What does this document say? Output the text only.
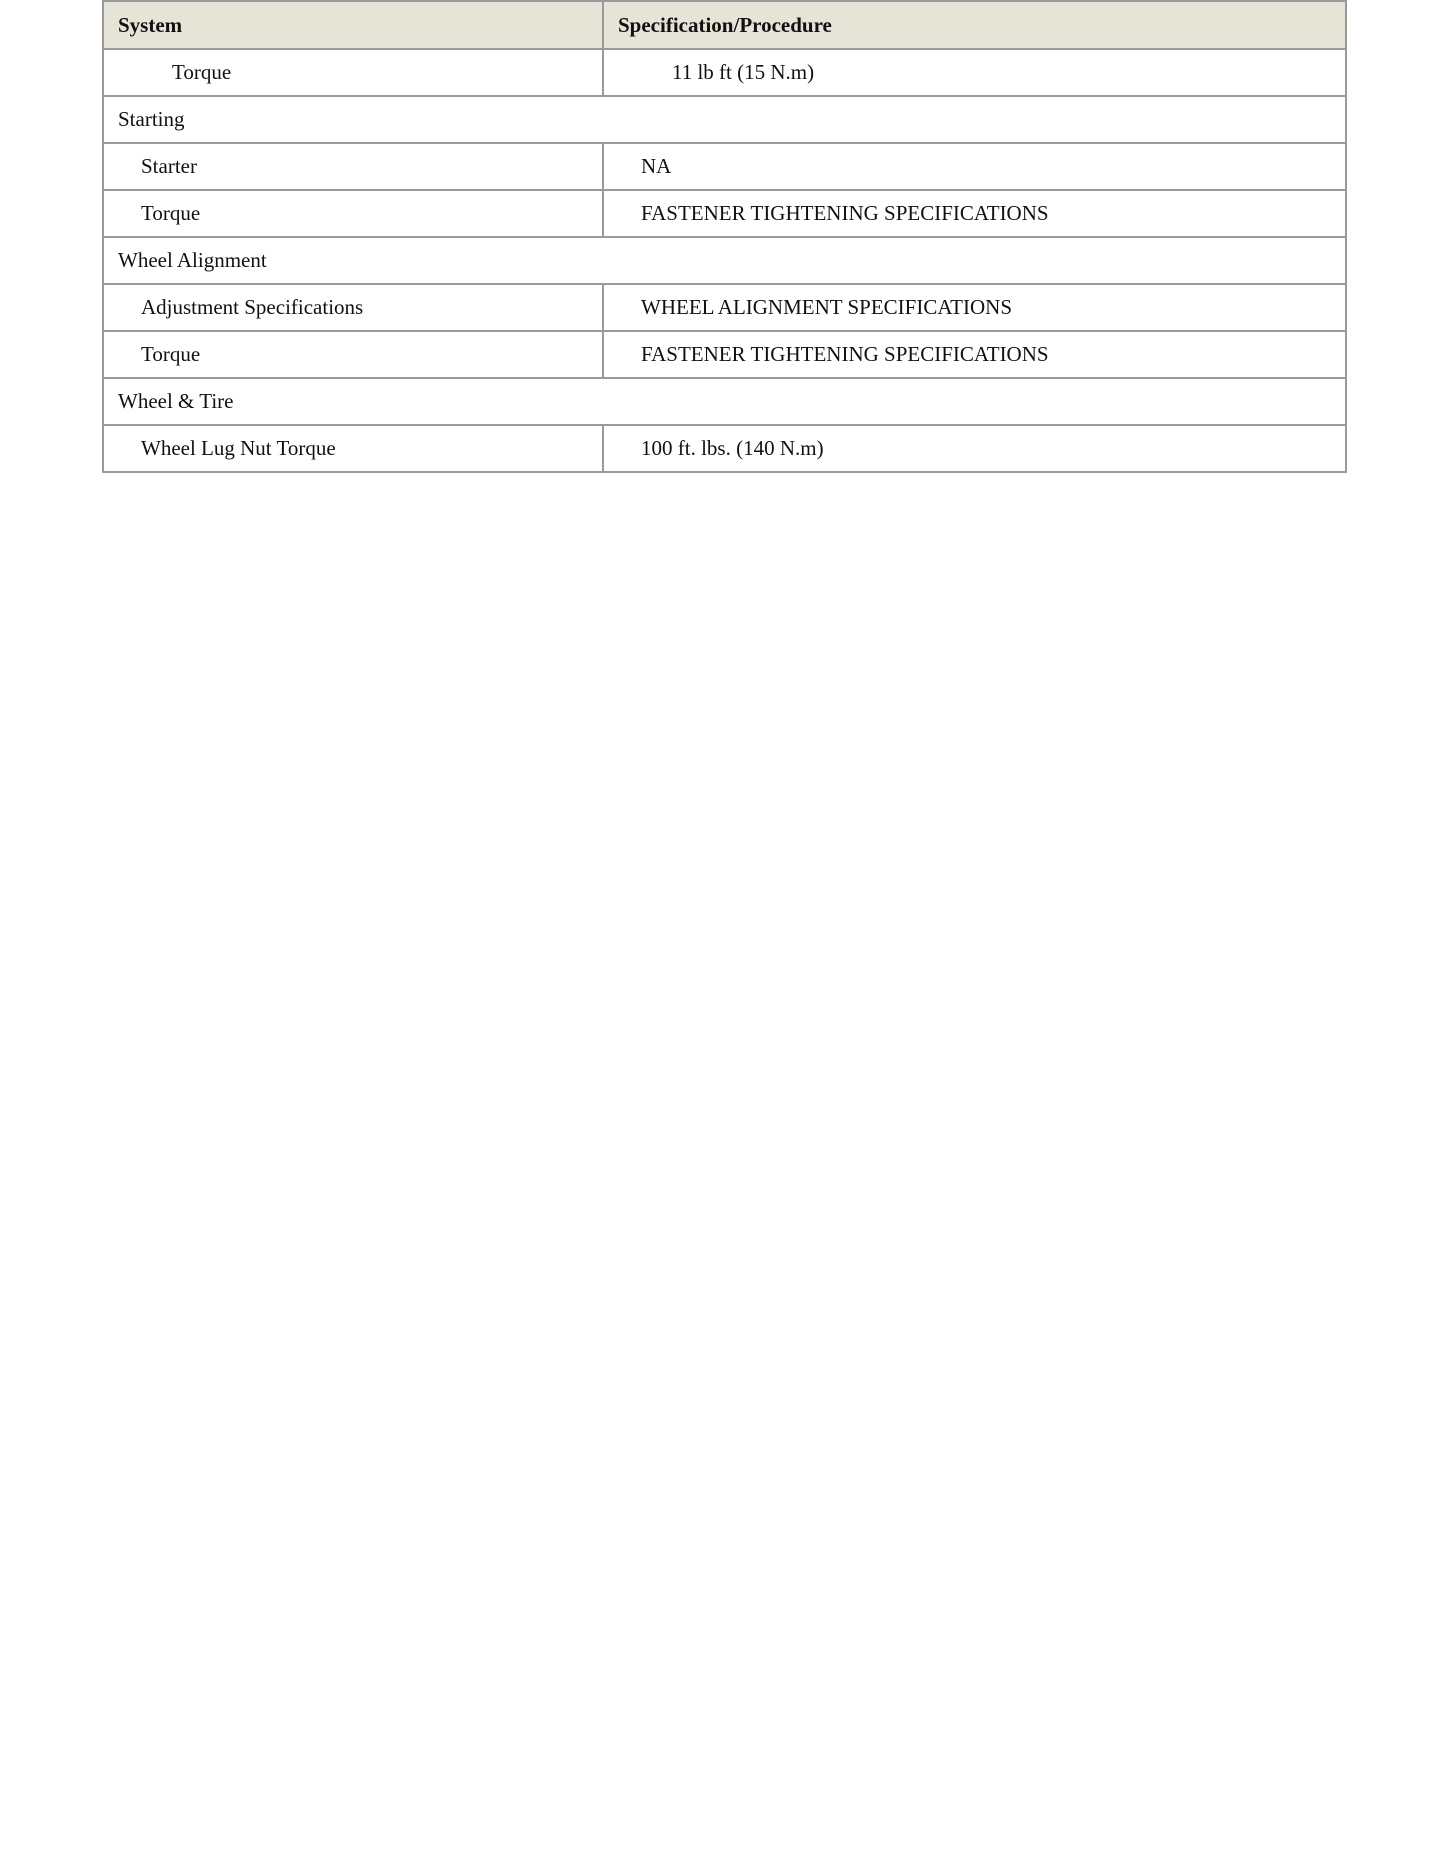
System	Specification/Procedure
Torque	11 lb ft (15 N.m)
Starting	
Starter	NA
Torque	FASTENER TIGHTENING SPECIFICATIONS
Wheel Alignment	
Adjustment Specifications	WHEEL ALIGNMENT SPECIFICATIONS
Torque	FASTENER TIGHTENING SPECIFICATIONS
Wheel & Tire	
Wheel Lug Nut Torque	100 ft. lbs. (140 N.m)
